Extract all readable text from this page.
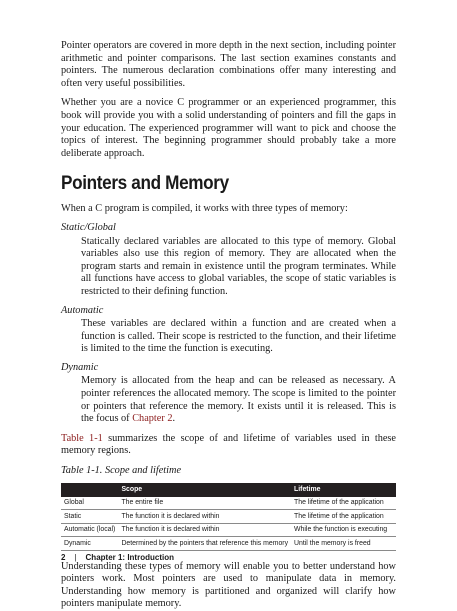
Pointer operators are covered in more depth in the next section, including pointer arithmetic and pointer comparisons. The last section examines constants and pointers. The numerous declaration combinations offer many interesting and often very useful possibilities.

Whether you are a novice C programmer or an experienced programmer, this book will provide you with a solid understanding of pointers and fill the gaps in your education. The experienced programmer will want to pick and choose the topics of interest. The beginning programmer should probably take a more deliberate approach.

Pointers and Memory

When a C program is compiled, it works with three types of memory:

Static/Global

Statically declared variables are allocated to this type of memory. Global variables also use this region of memory. They are allocated when the program starts and remain in existence until the program terminates. While all functions have access to global variables, the scope of static variables is restricted to their defining function.

Automatic

These variables are declared within a function and are created when a function is called. Their scope is restricted to the function, and their lifetime is limited to the time the function is executing.

Dynamic

Memory is allocated from the heap and can be released as necessary. A pointer references the allocated memory. The scope is limited to the pointer or pointers that reference the memory. It exists until it is released. This is the focus of Chapter 2.

Table 1-1 summarizes the scope of and lifetime of variables used in these memory regions.

Table 1-1. Scope and lifetime
	Scope	Lifetime
Global	The entire file	The lifetime of the application
Static	The function it is declared within	The lifetime of the application
Automatic (local)	The function it is declared within	While the function is executing
Dynamic	Determined by the pointers that reference this memory	Until the memory is freed

Understanding these types of memory will enable you to better understand how pointers work. Most pointers are used to manipulate data in memory. Understanding how memory is partitioned and organized will clarify how pointers manipulate memory.

2 | Chapter 1: Introduction
